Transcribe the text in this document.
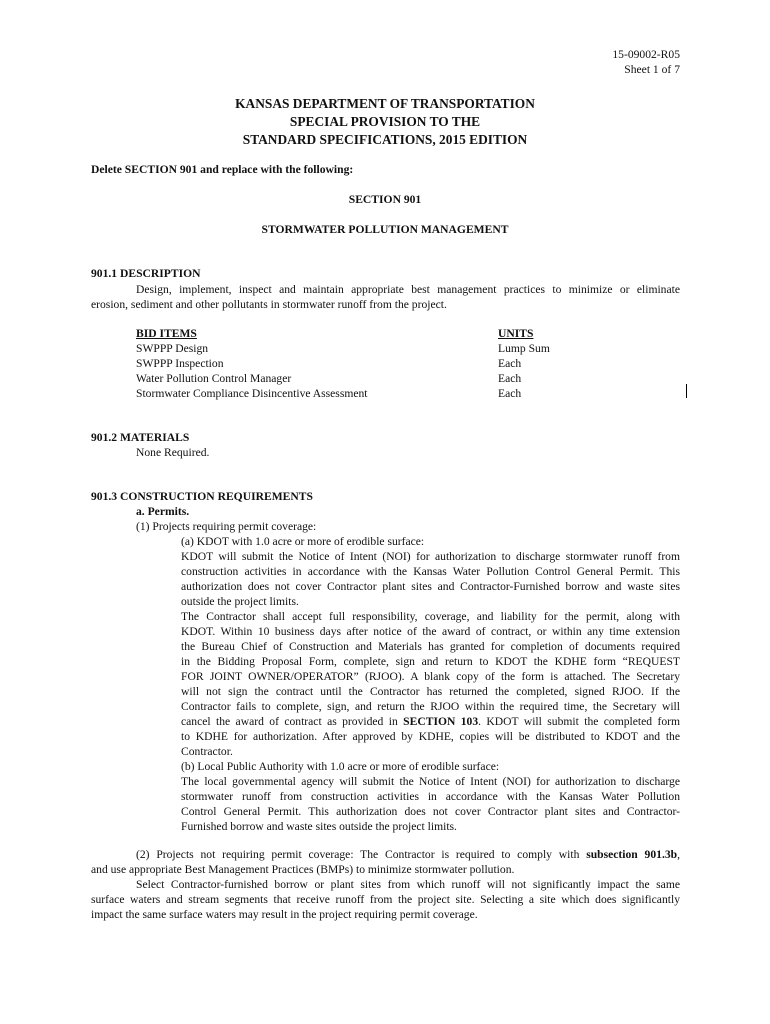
15-09002-R05
Sheet 1 of 7
KANSAS DEPARTMENT OF TRANSPORTATION
SPECIAL PROVISION TO THE
STANDARD SPECIFICATIONS, 2015 EDITION
Delete SECTION 901 and replace with the following:
SECTION 901
STORMWATER POLLUTION MANAGEMENT
901.1 DESCRIPTION
Design, implement, inspect and maintain appropriate best management practices to minimize or eliminate
erosion, sediment and other pollutants in stormwater runoff from the project.
BID ITEMS	UNITS
SWPPP Design	Lump Sum
SWPPP Inspection	Each
Water Pollution Control Manager	Each
Stormwater Compliance Disincentive Assessment	Each
901.2 MATERIALS
None Required.
901.3 CONSTRUCTION REQUIREMENTS
a. Permits.
(1) Projects requiring permit coverage:
(a) KDOT with 1.0 acre or more of erodible surface:
KDOT will submit the Notice of Intent (NOI) for authorization to discharge stormwater runoff from
construction activities in accordance with the Kansas Water Pollution Control General Permit. This
authorization does not cover Contractor plant sites and Contractor-Furnished borrow and waste sites
outside the project limits.
The Contractor shall accept full responsibility, coverage, and liability for the permit, along with
KDOT. Within 10 business days after notice of the award of contract, or within any time extension
the Bureau Chief of Construction and Materials has granted for completion of documents required
in the Bidding Proposal Form, complete, sign and return to KDOT the KDHE form “REQUEST
FOR JOINT OWNER/OPERATOR” (RJOO). A blank copy of the form is attached. The Secretary
will not sign the contract until the Contractor has returned the completed, signed RJOO. If the
Contractor fails to complete, sign, and return the RJOO within the required time, the Secretary will
cancel the award of contract as provided in SECTION 103. KDOT will submit the completed form
to KDHE for authorization. After approved by KDHE, copies will be distributed to KDOT and the
Contractor.
(b) Local Public Authority with 1.0 acre or more of erodible surface:
The local governmental agency will submit the Notice of Intent (NOI) for authorization to discharge
stormwater runoff from construction activities in accordance with the Kansas Water Pollution
Control General Permit. This authorization does not cover Contractor plant sites and Contractor-
Furnished borrow and waste sites outside the project limits.
(2) Projects not requiring permit coverage: The Contractor is required to comply with subsection 901.3b,
and use appropriate Best Management Practices (BMPs) to minimize stormwater pollution.
Select Contractor-furnished borrow or plant sites from which runoff will not significantly impact the same
surface waters and stream segments that receive runoff from the project site. Selecting a site which does significantly
impact the same surface waters may result in the project requiring permit coverage.
